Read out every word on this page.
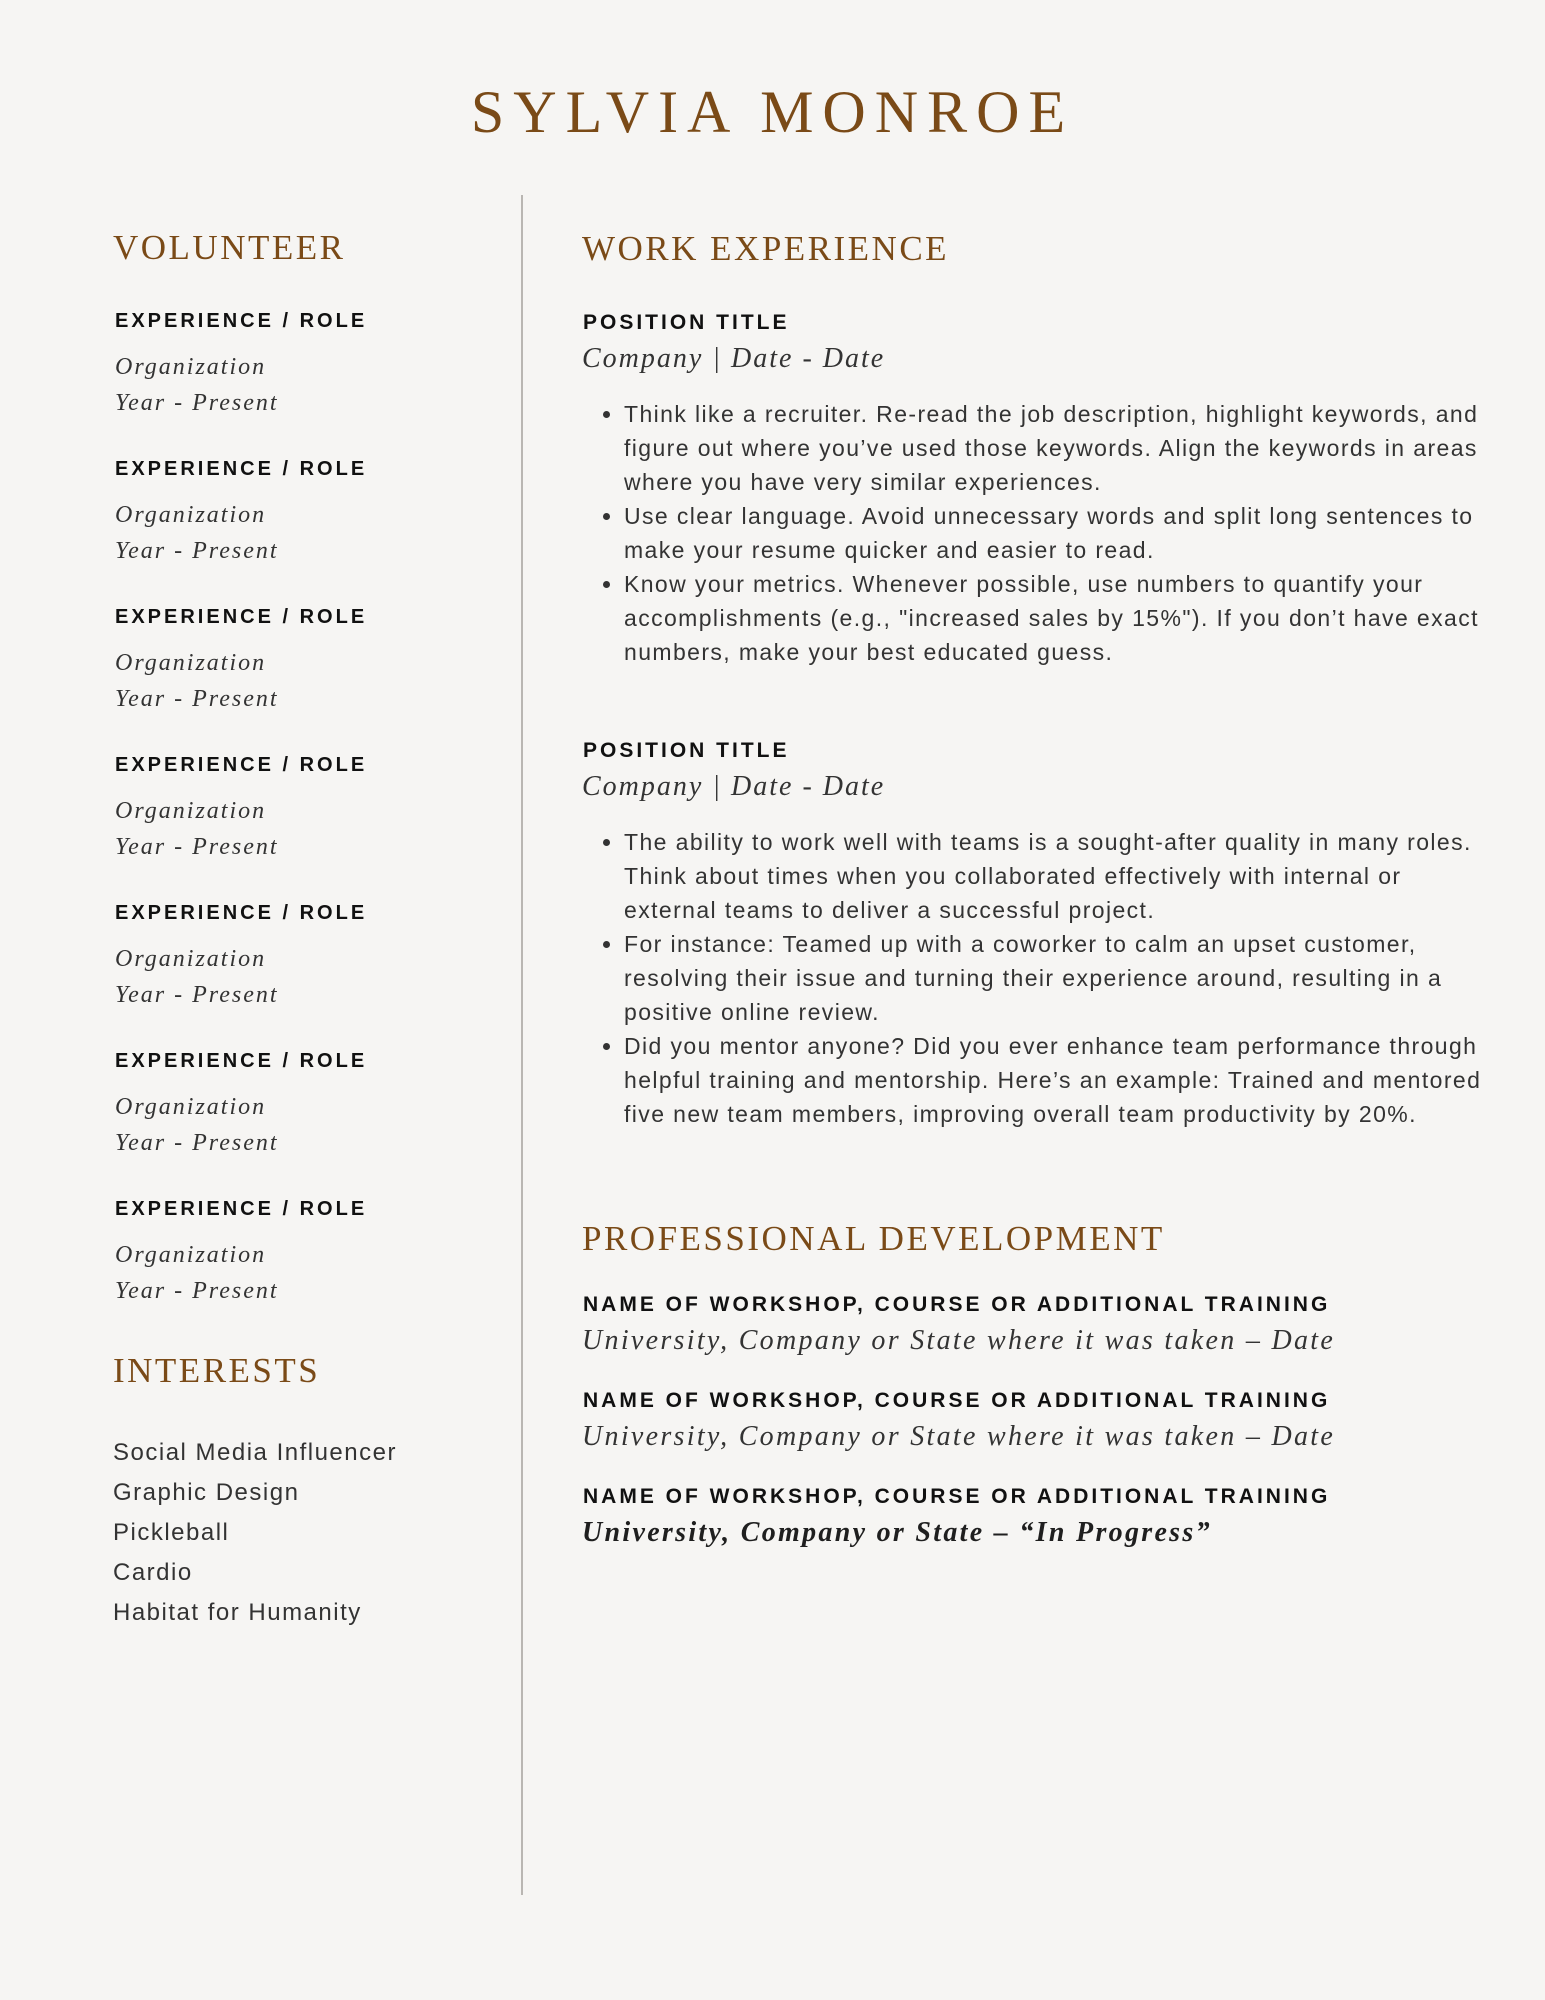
SYLVIA MONROE
VOLUNTEER
EXPERIENCE / ROLE
Organization
Year - Present
EXPERIENCE / ROLE
Organization
Year - Present
EXPERIENCE / ROLE
Organization
Year - Present
EXPERIENCE / ROLE
Organization
Year - Present
EXPERIENCE / ROLE
Organization
Year - Present
EXPERIENCE / ROLE
Organization
Year - Present
EXPERIENCE / ROLE
Organization
Year - Present
INTERESTS
Social Media Influencer
Graphic Design
Pickleball
Cardio
Habitat for Humanity
WORK EXPERIENCE
POSITION TITLE
Company | Date - Date
• Think like a recruiter. Re-read the job description, highlight keywords, and figure out where you’ve used those keywords. Align the keywords in areas where you have very similar experiences.
• Use clear language. Avoid unnecessary words and split long sentences to make your resume quicker and easier to read.
• Know your metrics. Whenever possible, use numbers to quantify your accomplishments (e.g., "increased sales by 15%"). If you don’t have exact numbers, make your best educated guess.
POSITION TITLE
Company | Date - Date
• The ability to work well with teams is a sought-after quality in many roles. Think about times when you collaborated effectively with internal or external teams to deliver a successful project.
• For instance: Teamed up with a coworker to calm an upset customer, resolving their issue and turning their experience around, resulting in a positive online review.
• Did you mentor anyone? Did you ever enhance team performance through helpful training and mentorship. Here’s an example: Trained and mentored five new team members, improving overall team productivity by 20%.
PROFESSIONAL DEVELOPMENT
NAME OF WORKSHOP, COURSE OR ADDITIONAL TRAINING
University, Company or State where it was taken – Date
NAME OF WORKSHOP, COURSE OR ADDITIONAL TRAINING
University, Company or State where it was taken – Date
NAME OF WORKSHOP, COURSE OR ADDITIONAL TRAINING
University, Company or State – “In Progress”
